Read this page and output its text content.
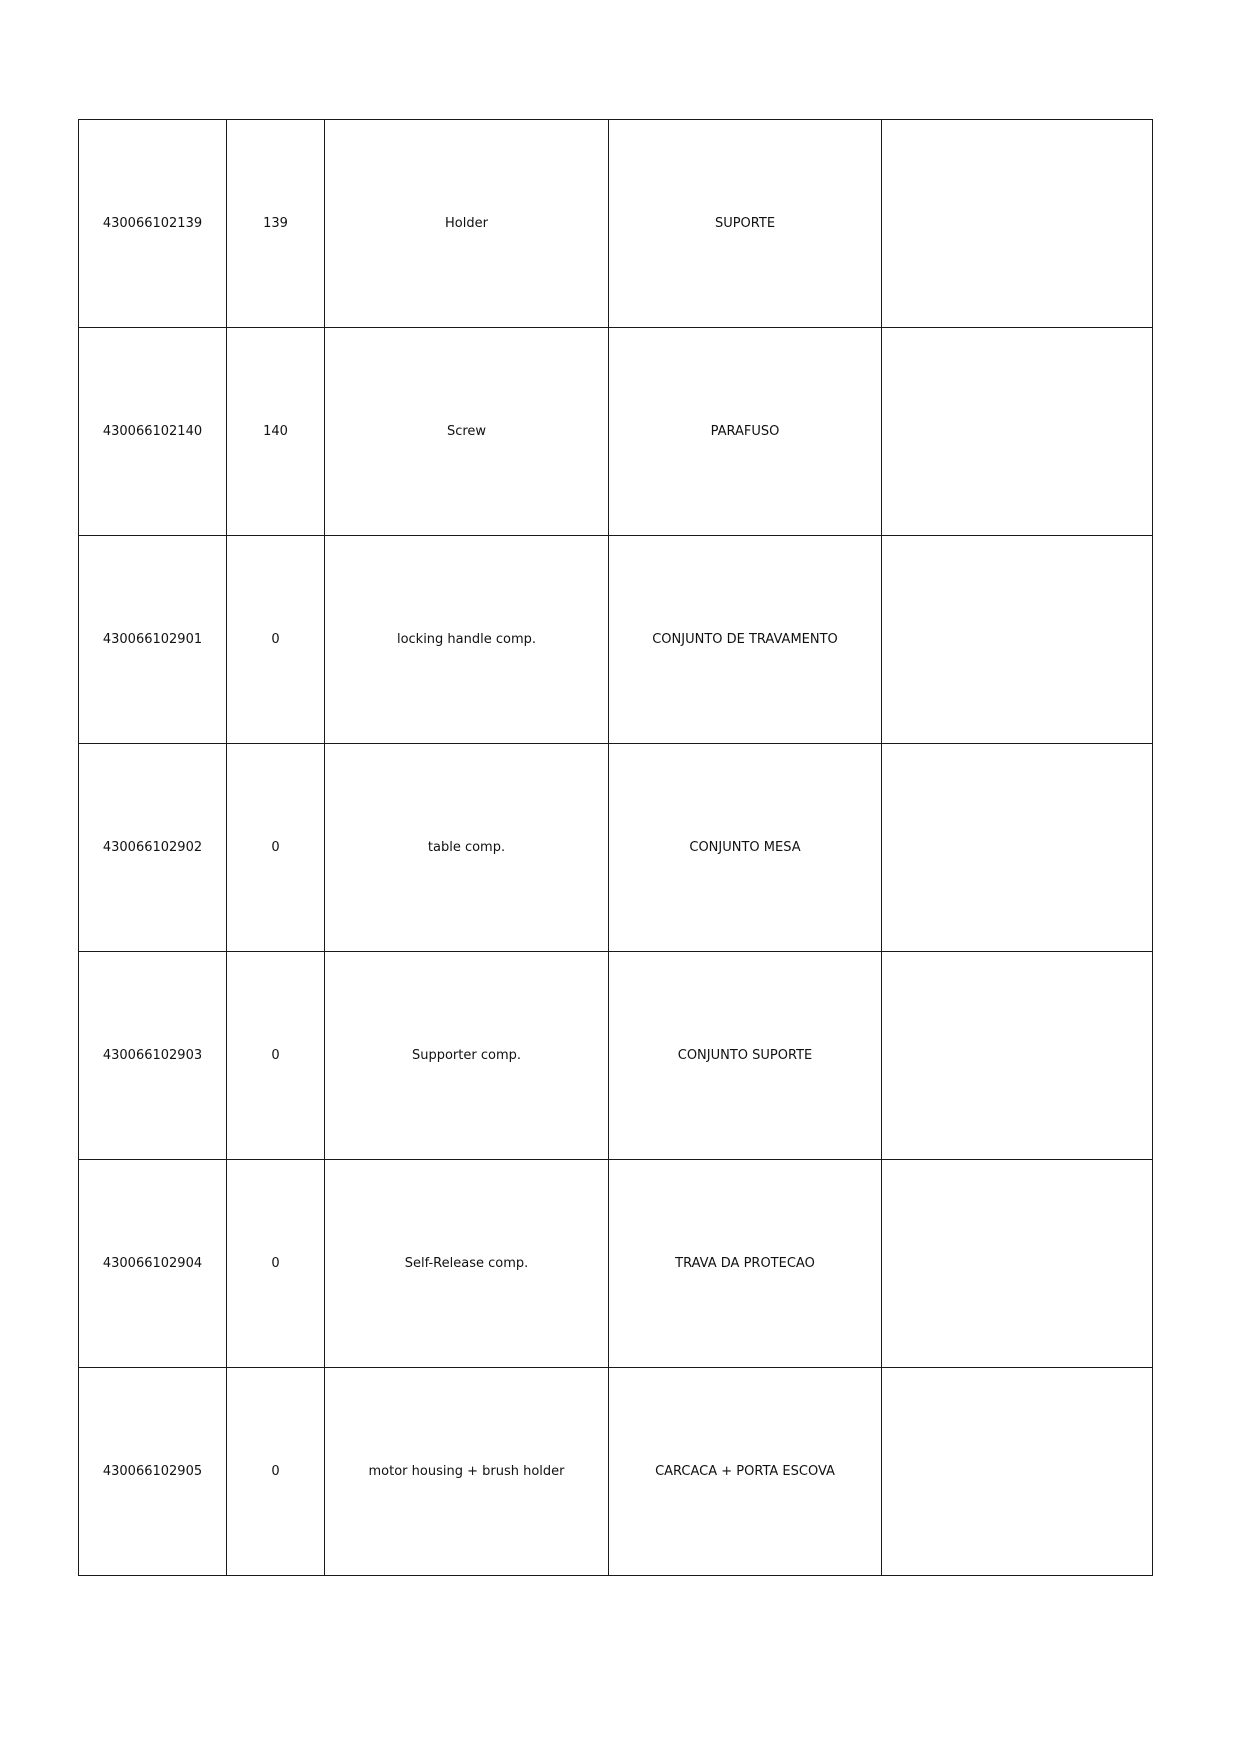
430066102139	139	Holder	SUPORTE	
430066102140	140	Screw	PARAFUSO	
430066102901	0	locking handle comp.	CONJUNTO DE TRAVAMENTO	
430066102902	0	table comp.	CONJUNTO MESA	
430066102903	0	Supporter comp.	CONJUNTO SUPORTE	
430066102904	0	Self-Release comp.	TRAVA DA PROTECAO	
430066102905	0	motor housing + brush holder	CARCACA + PORTA ESCOVA	
